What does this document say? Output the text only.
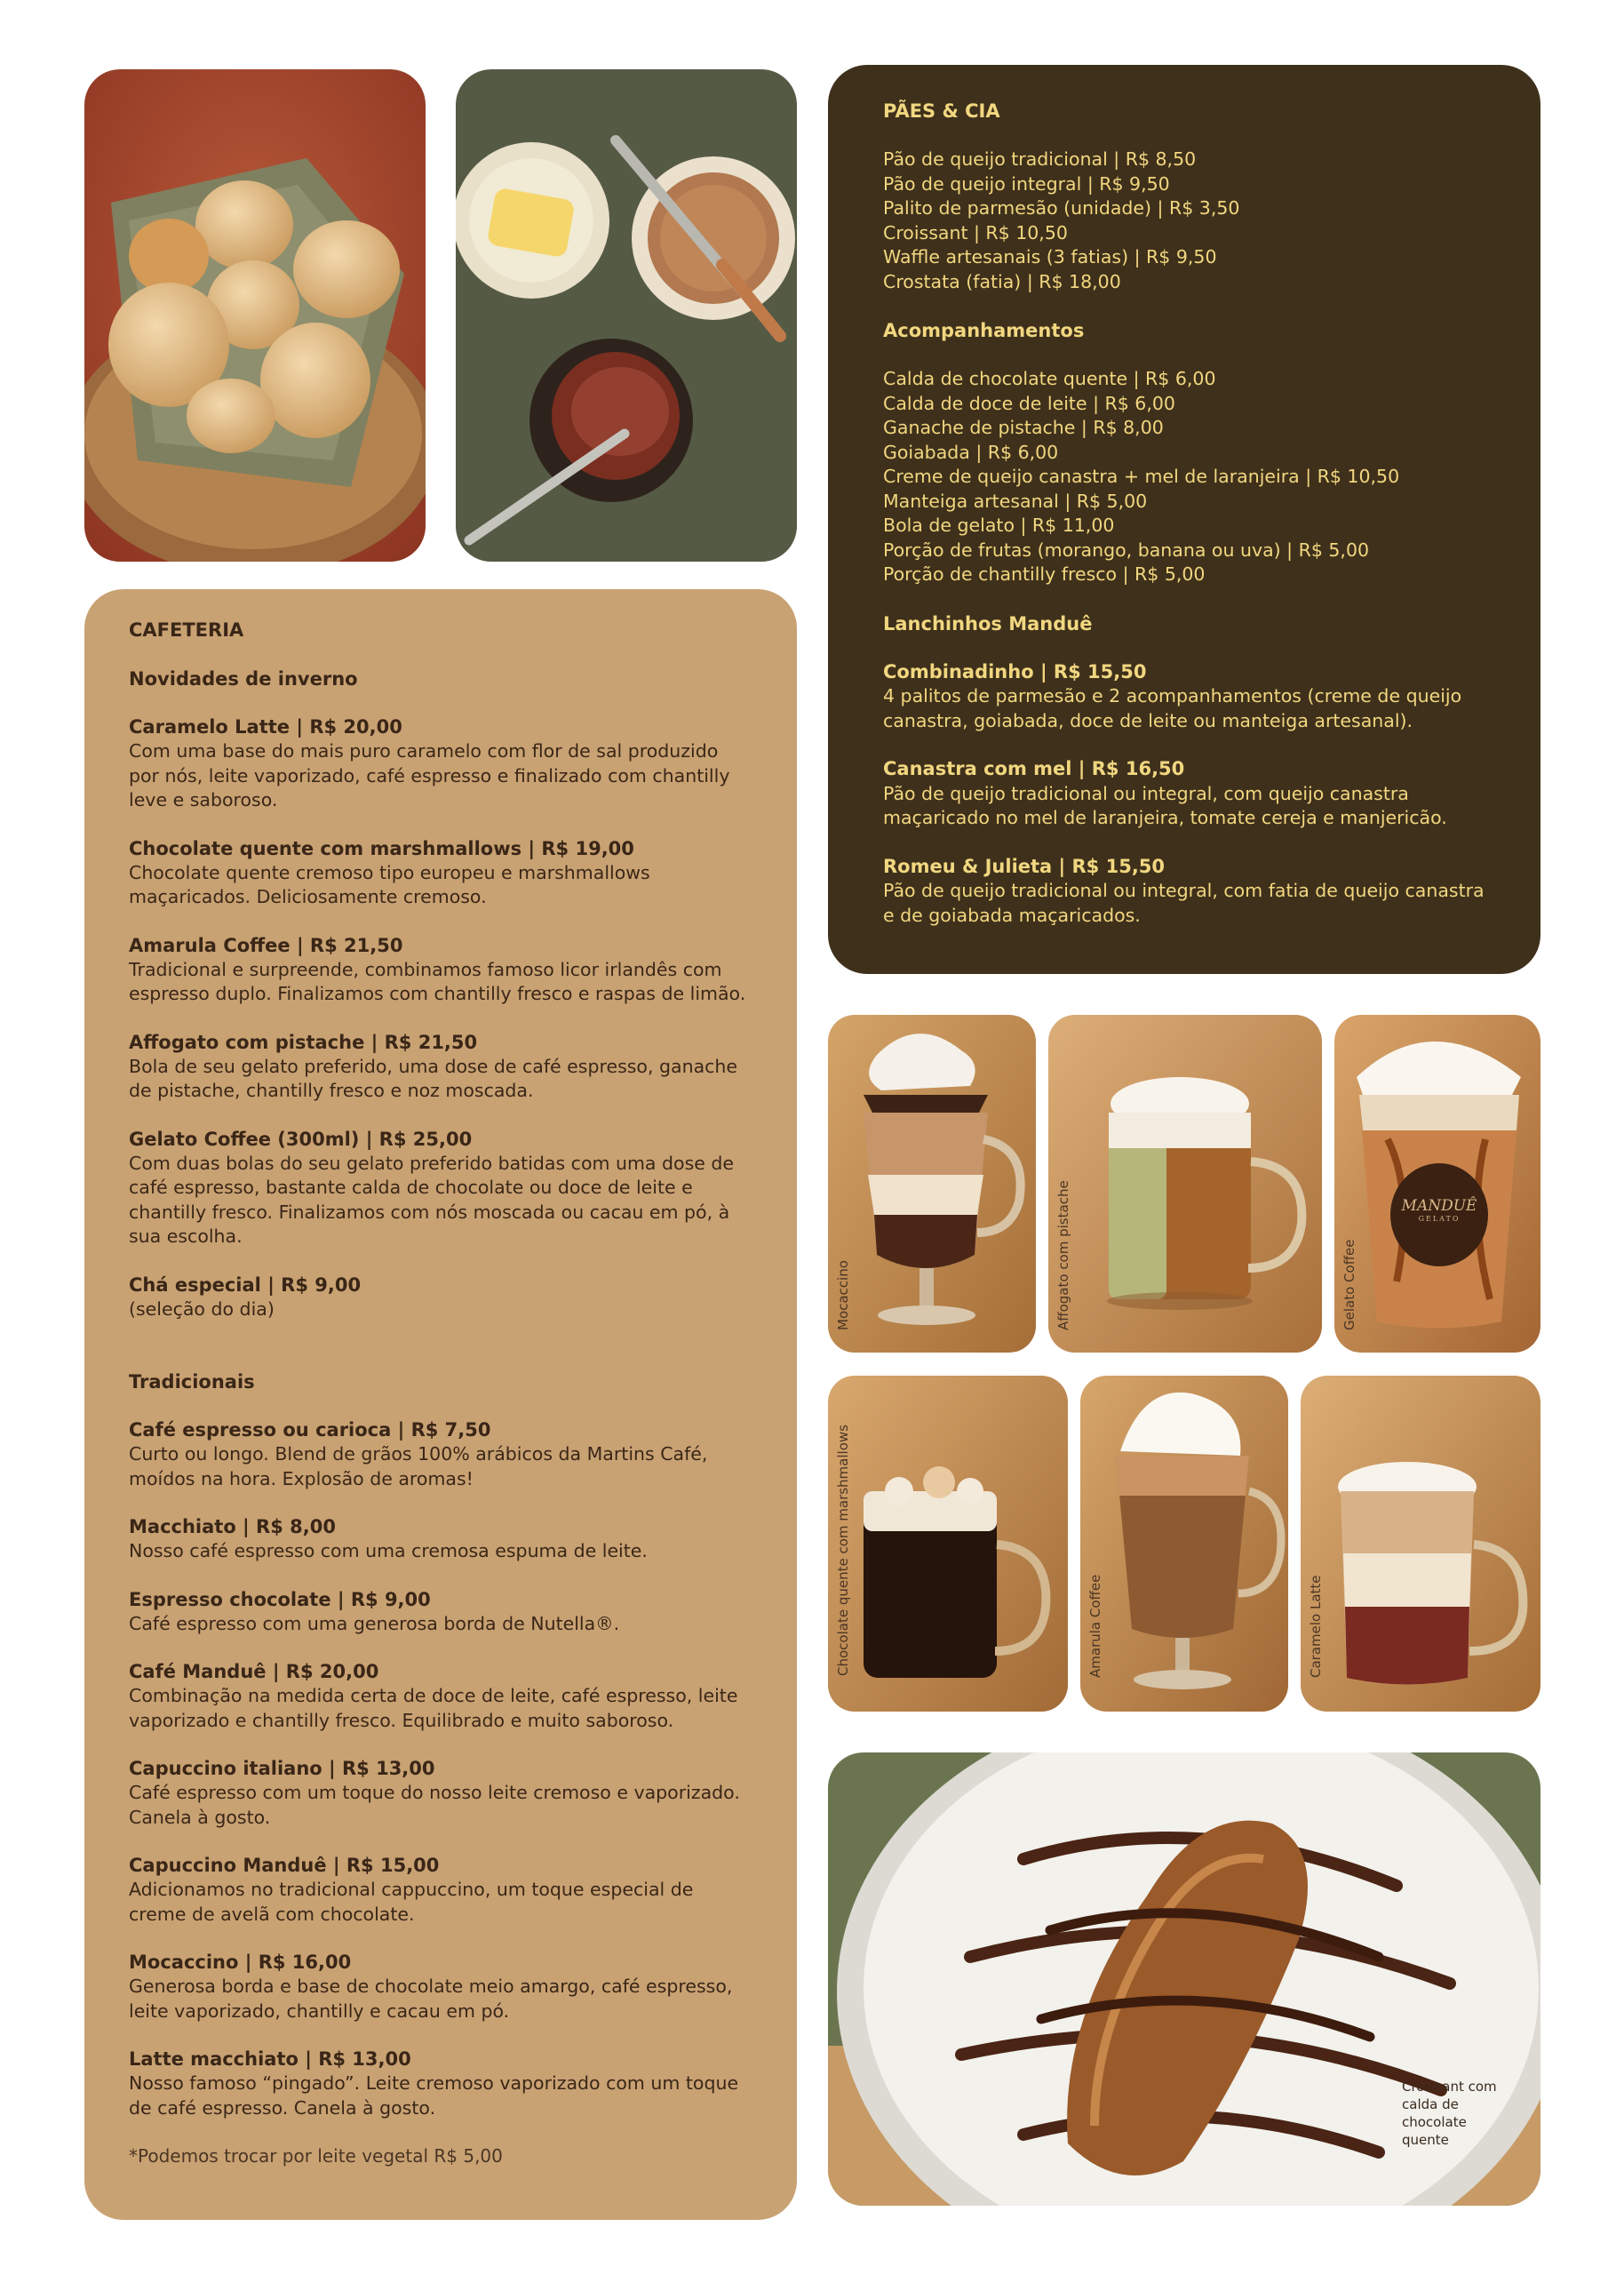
PÃES & CIA
Pão de queijo tradicional | R$ 8,50
Pão de queijo integral | R$ 9,50
Palito de parmesão (unidade) | R$ 3,50
Croissant | R$ 10,50
Waffle artesanais (3 fatias) | R$ 9,50
Crostata (fatia) | R$ 18,00
Acompanhamentos
Calda de chocolate quente | R$ 6,00
Calda de doce de leite | R$ 6,00
Ganache de pistache | R$ 8,00
Goiabada | R$ 6,00
Creme de queijo canastra + mel de laranjeira | R$ 10,50
Manteiga artesanal | R$ 5,00
Bola de gelato | R$ 11,00
Porção de frutas (morango, banana ou uva) | R$ 5,00
Porção de chantilly fresco | R$ 5,00
Lanchinhos Manduê
Combinadinho | R$ 15,50
4 palitos de parmesão e 2 acompanhamentos (creme de queijo canastra, goiabada, doce de leite ou manteiga artesanal).
Canastra com mel | R$ 16,50
Pão de queijo tradicional ou integral, com queijo canastra maçaricado no mel de laranjeira, tomate cereja e manjericão.
Romeu & Julieta | R$ 15,50
Pão de queijo tradicional ou integral, com fatia de queijo canastra e de goiabada maçaricados.
CAFETERIA
Novidades de inverno
Caramelo Latte | R$ 20,00
Com uma base do mais puro caramelo com flor de sal produzido por nós, leite vaporizado, café espresso e finalizado com chantilly leve e saboroso.
Chocolate quente com marshmallows | R$ 19,00
Chocolate quente cremoso tipo europeu e marshmallows maçaricados. Deliciosamente cremoso.
Amarula Coffee | R$ 21,50
Tradicional e surpreende, combinamos famoso licor irlandês com espresso duplo. Finalizamos com chantilly fresco e raspas de limão.
Affogato com pistache | R$ 21,50
Bola de seu gelato preferido, uma dose de café espresso, ganache de pistache, chantilly fresco e noz moscada.
Gelato Coffee (300ml) | R$ 25,00
Com duas bolas do seu gelato preferido batidas com uma dose de café espresso, bastante calda de chocolate ou doce de leite e chantilly fresco. Finalizamos com nós moscada ou cacau em pó, à sua escolha.
Chá especial | R$ 9,00
(seleção do dia)
Tradicionais
Café espresso ou carioca | R$ 7,50
Curto ou longo. Blend de grãos 100% arábicos da Martins Café, moídos na hora. Explosão de aromas!
Macchiato | R$ 8,00
Nosso café espresso com uma cremosa espuma de leite.
Espresso chocolate | R$ 9,00
Café espresso com uma generosa borda de Nutella®.
Café Manduê | R$ 20,00
Combinação na medida certa de doce de leite, café espresso, leite vaporizado e chantilly fresco. Equilibrado e muito saboroso.
Capuccino italiano | R$ 13,00
Café espresso com um toque do nosso leite cremoso e vaporizado. Canela à gosto.
Capuccino Manduê | R$ 15,00
Adicionamos no tradicional cappuccino, um toque especial de creme de avelã com chocolate.
Mocaccino | R$ 16,00
Generosa borda e base de chocolate meio amargo, café espresso, leite vaporizado, chantilly e cacau em pó.
Latte macchiato | R$ 13,00
Nosso famoso “pingado”. Leite cremoso vaporizado com um toque de café espresso. Canela à gosto.
*Podemos trocar por leite vegetal R$ 5,00
Mocaccino	Affogato com pistache	MANDUÊ
GELATO
Gelato Coffee
Chocolate quente com marshmallows	Amarula Coffee	Caramelo Latte
Croissant com calda de chocolate quente
